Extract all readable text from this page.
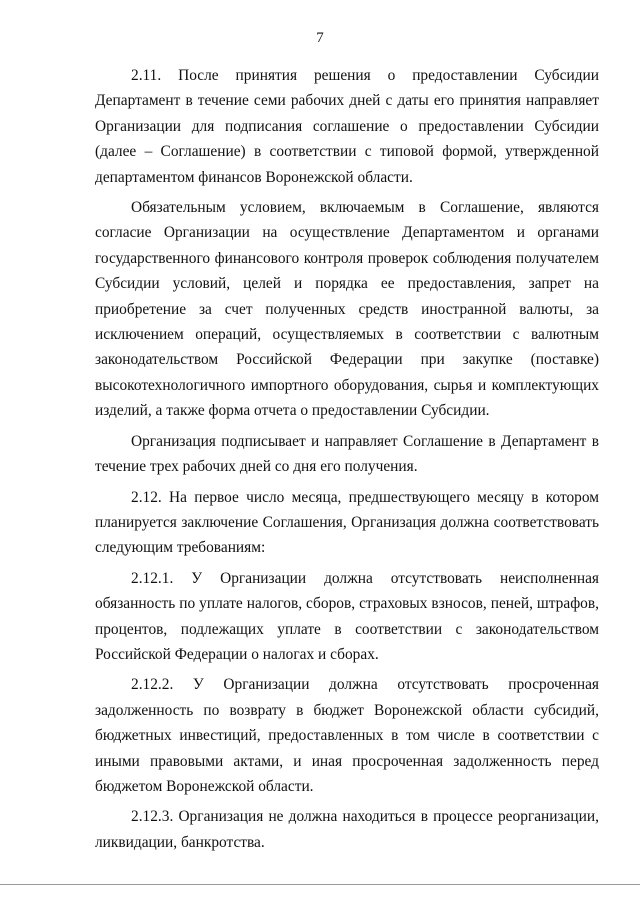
7

2.11. После принятия решения о предоставлении Субсидии Департамент в течение семи рабочих дней с даты его принятия направляет Организации для подписания соглашение о предоставлении Субсидии (далее – Соглашение) в соответствии с типовой формой, утвержденной департаментом финансов Воронежской области.

Обязательным условием, включаемым в Соглашение, являются согласие Организации на осуществление Департаментом и органами государственного финансового контроля проверок соблюдения получателем Субсидии условий, целей и порядка ее предоставления, запрет на приобретение за счет полученных средств иностранной валюты, за исключением операций, осуществляемых в соответствии с валютным законодательством Российской Федерации при закупке (поставке) высокотехнологичного импортного оборудования, сырья и комплектующих изделий, а также форма отчета о предоставлении Субсидии.

Организация подписывает и направляет Соглашение в Департамент в течение трех рабочих дней со дня его получения.

2.12. На первое число месяца, предшествующего месяцу в котором планируется заключение Соглашения, Организация должна соответствовать следующим требованиям:

2.12.1. У Организации должна отсутствовать неисполненная обязанность по уплате налогов, сборов, страховых взносов, пеней, штрафов, процентов, подлежащих уплате в соответствии с законодательством Российской Федерации о налогах и сборах.

2.12.2. У Организации должна отсутствовать просроченная задолженность по возврату в бюджет Воронежской области субсидий, бюджетных инвестиций, предоставленных в том числе в соответствии с иными правовыми актами, и иная просроченная задолженность перед бюджетом Воронежской области.

2.12.3. Организация не должна находиться в процессе реорганизации, ликвидации, банкротства.
